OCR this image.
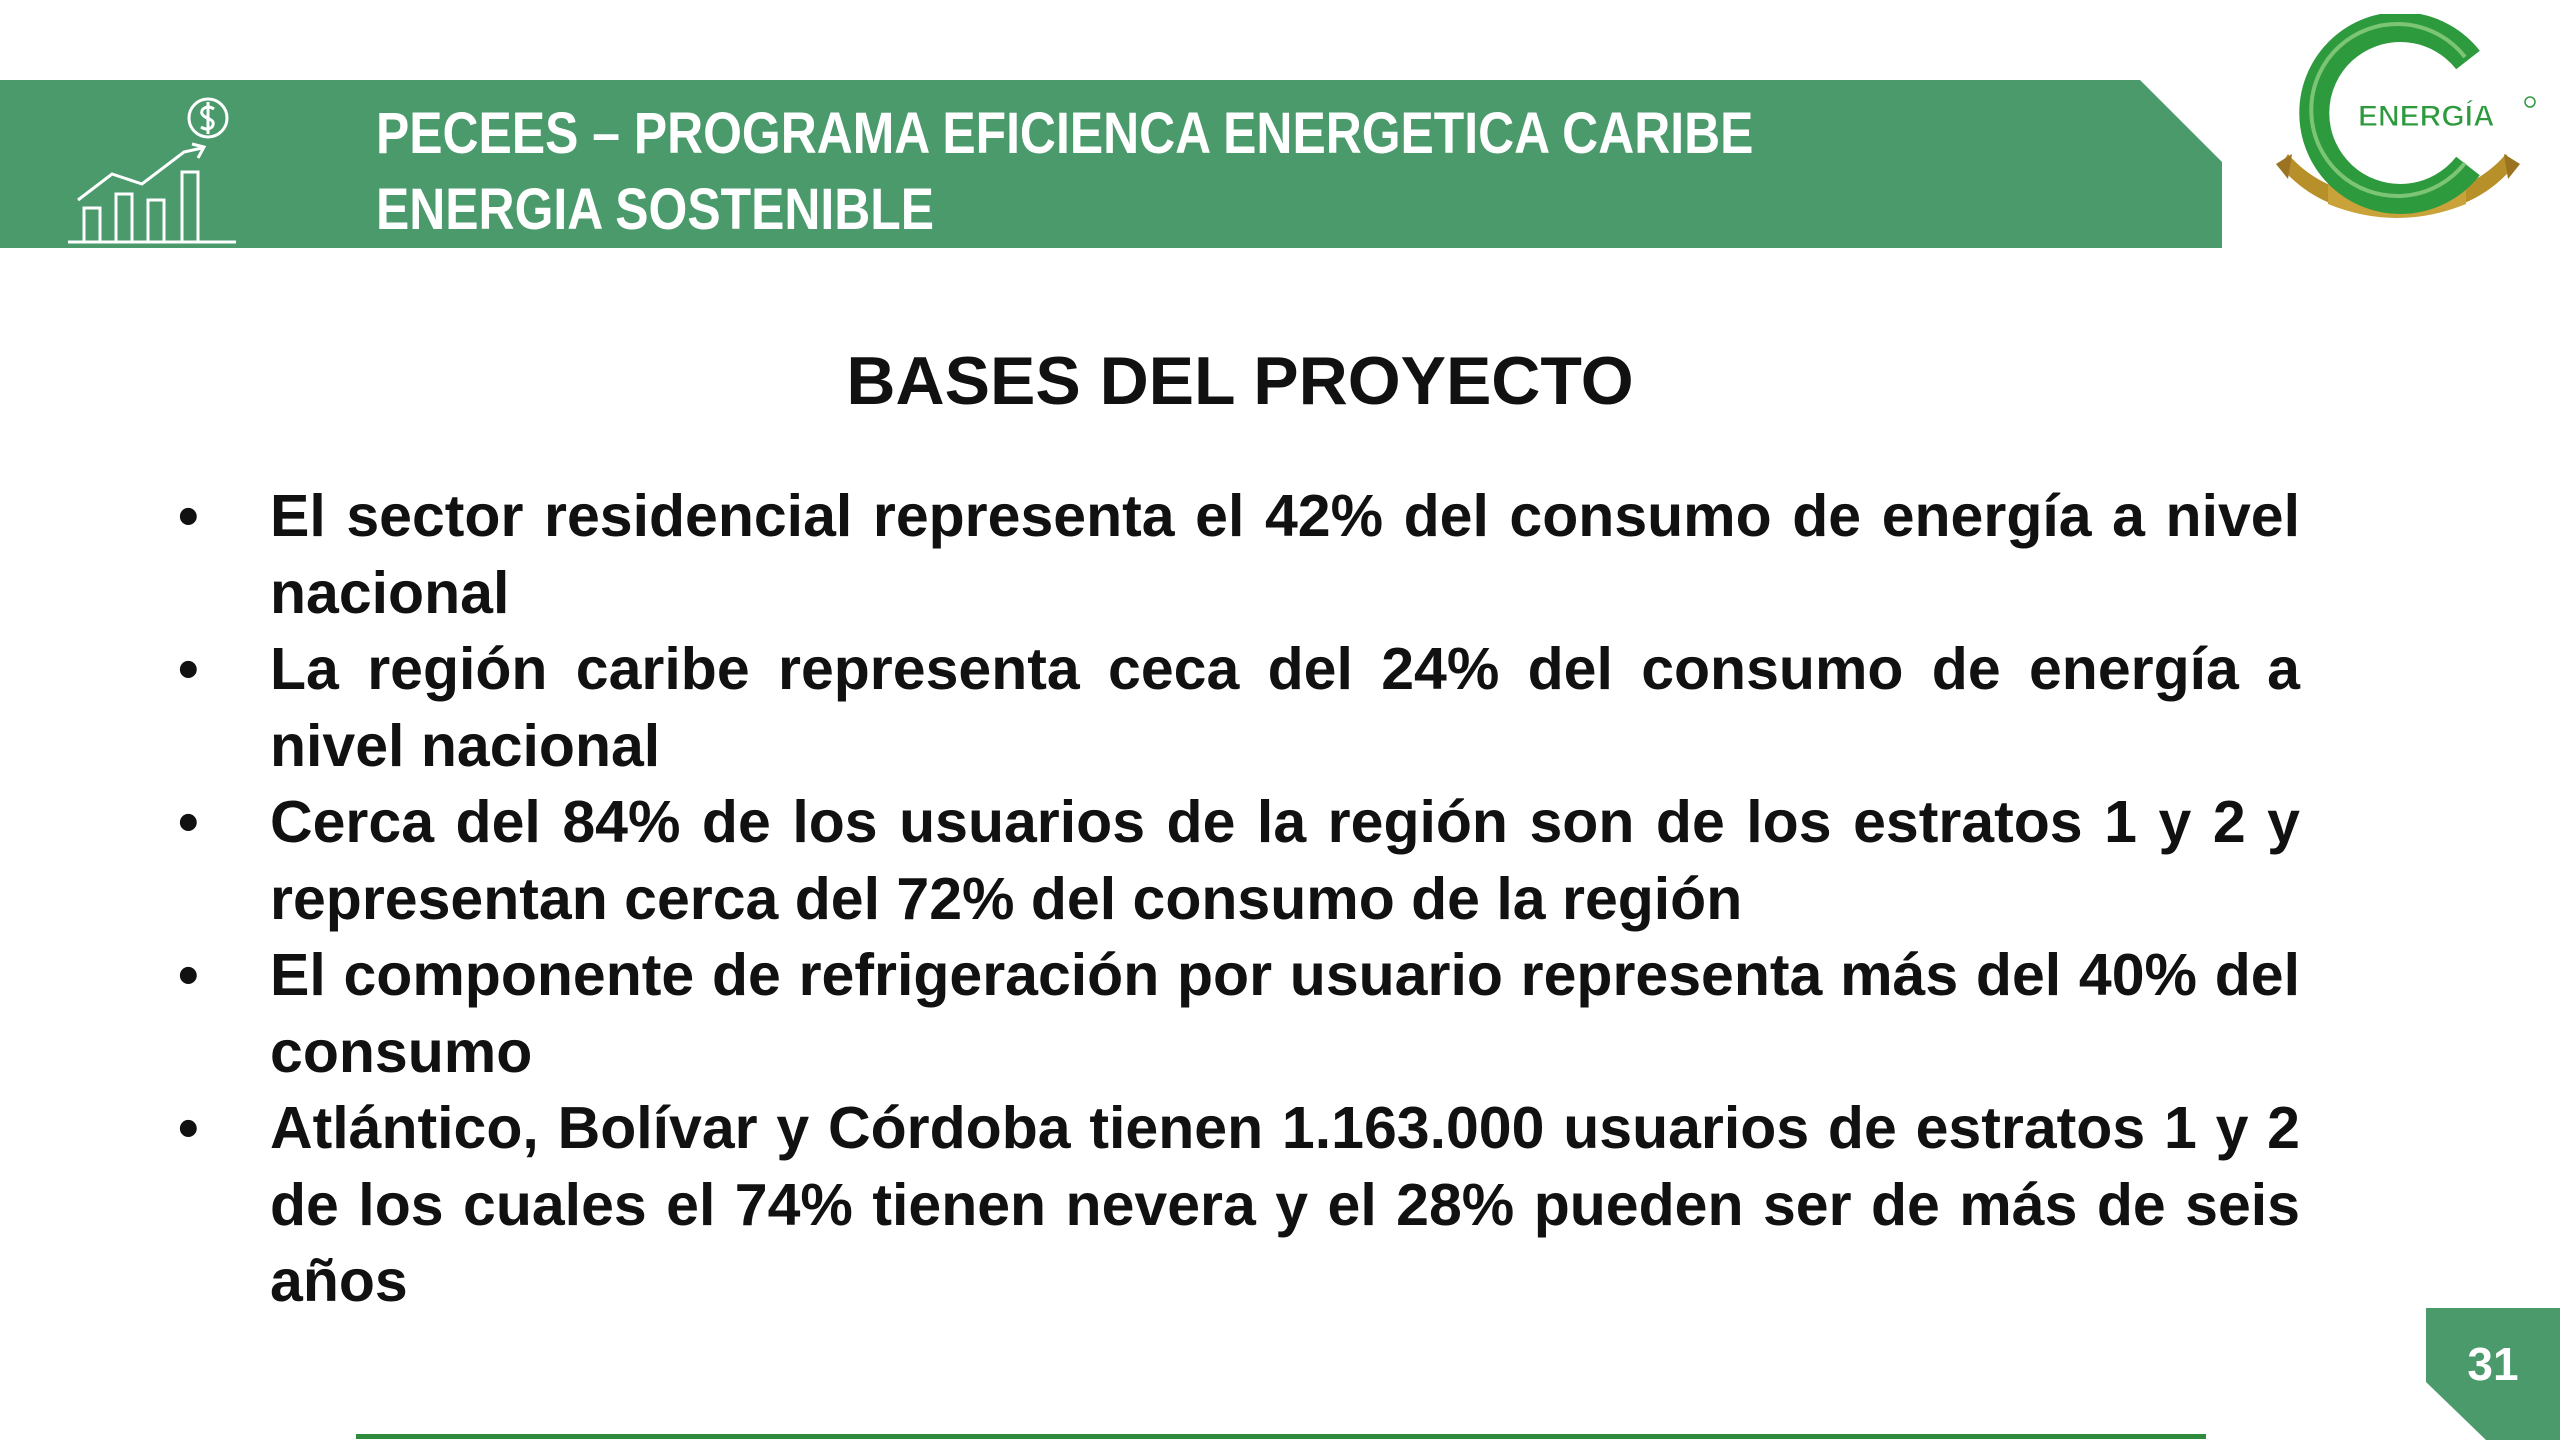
PECEES – PROGRAMA EFICIENCA ENERGETICA CARIBE
ENERGIA SOSTENIBLE
ENERGÍA
BASES DEL PROYECTO
• El sector residencial representa el 42% del consumo de energía a nivel nacional
• La región caribe representa ceca del 24% del consumo de energía a nivel nacional
• Cerca del 84% de los usuarios de la región son de los estratos 1 y 2 y representan cerca del 72% del consumo de la región
• El componente de refrigeración por usuario representa más del 40% del consumo
• Atlántico, Bolívar y Córdoba tienen 1.163.000 usuarios de estratos 1 y 2 de los cuales el 74% tienen nevera y el 28% pueden ser de más de seis años
31
